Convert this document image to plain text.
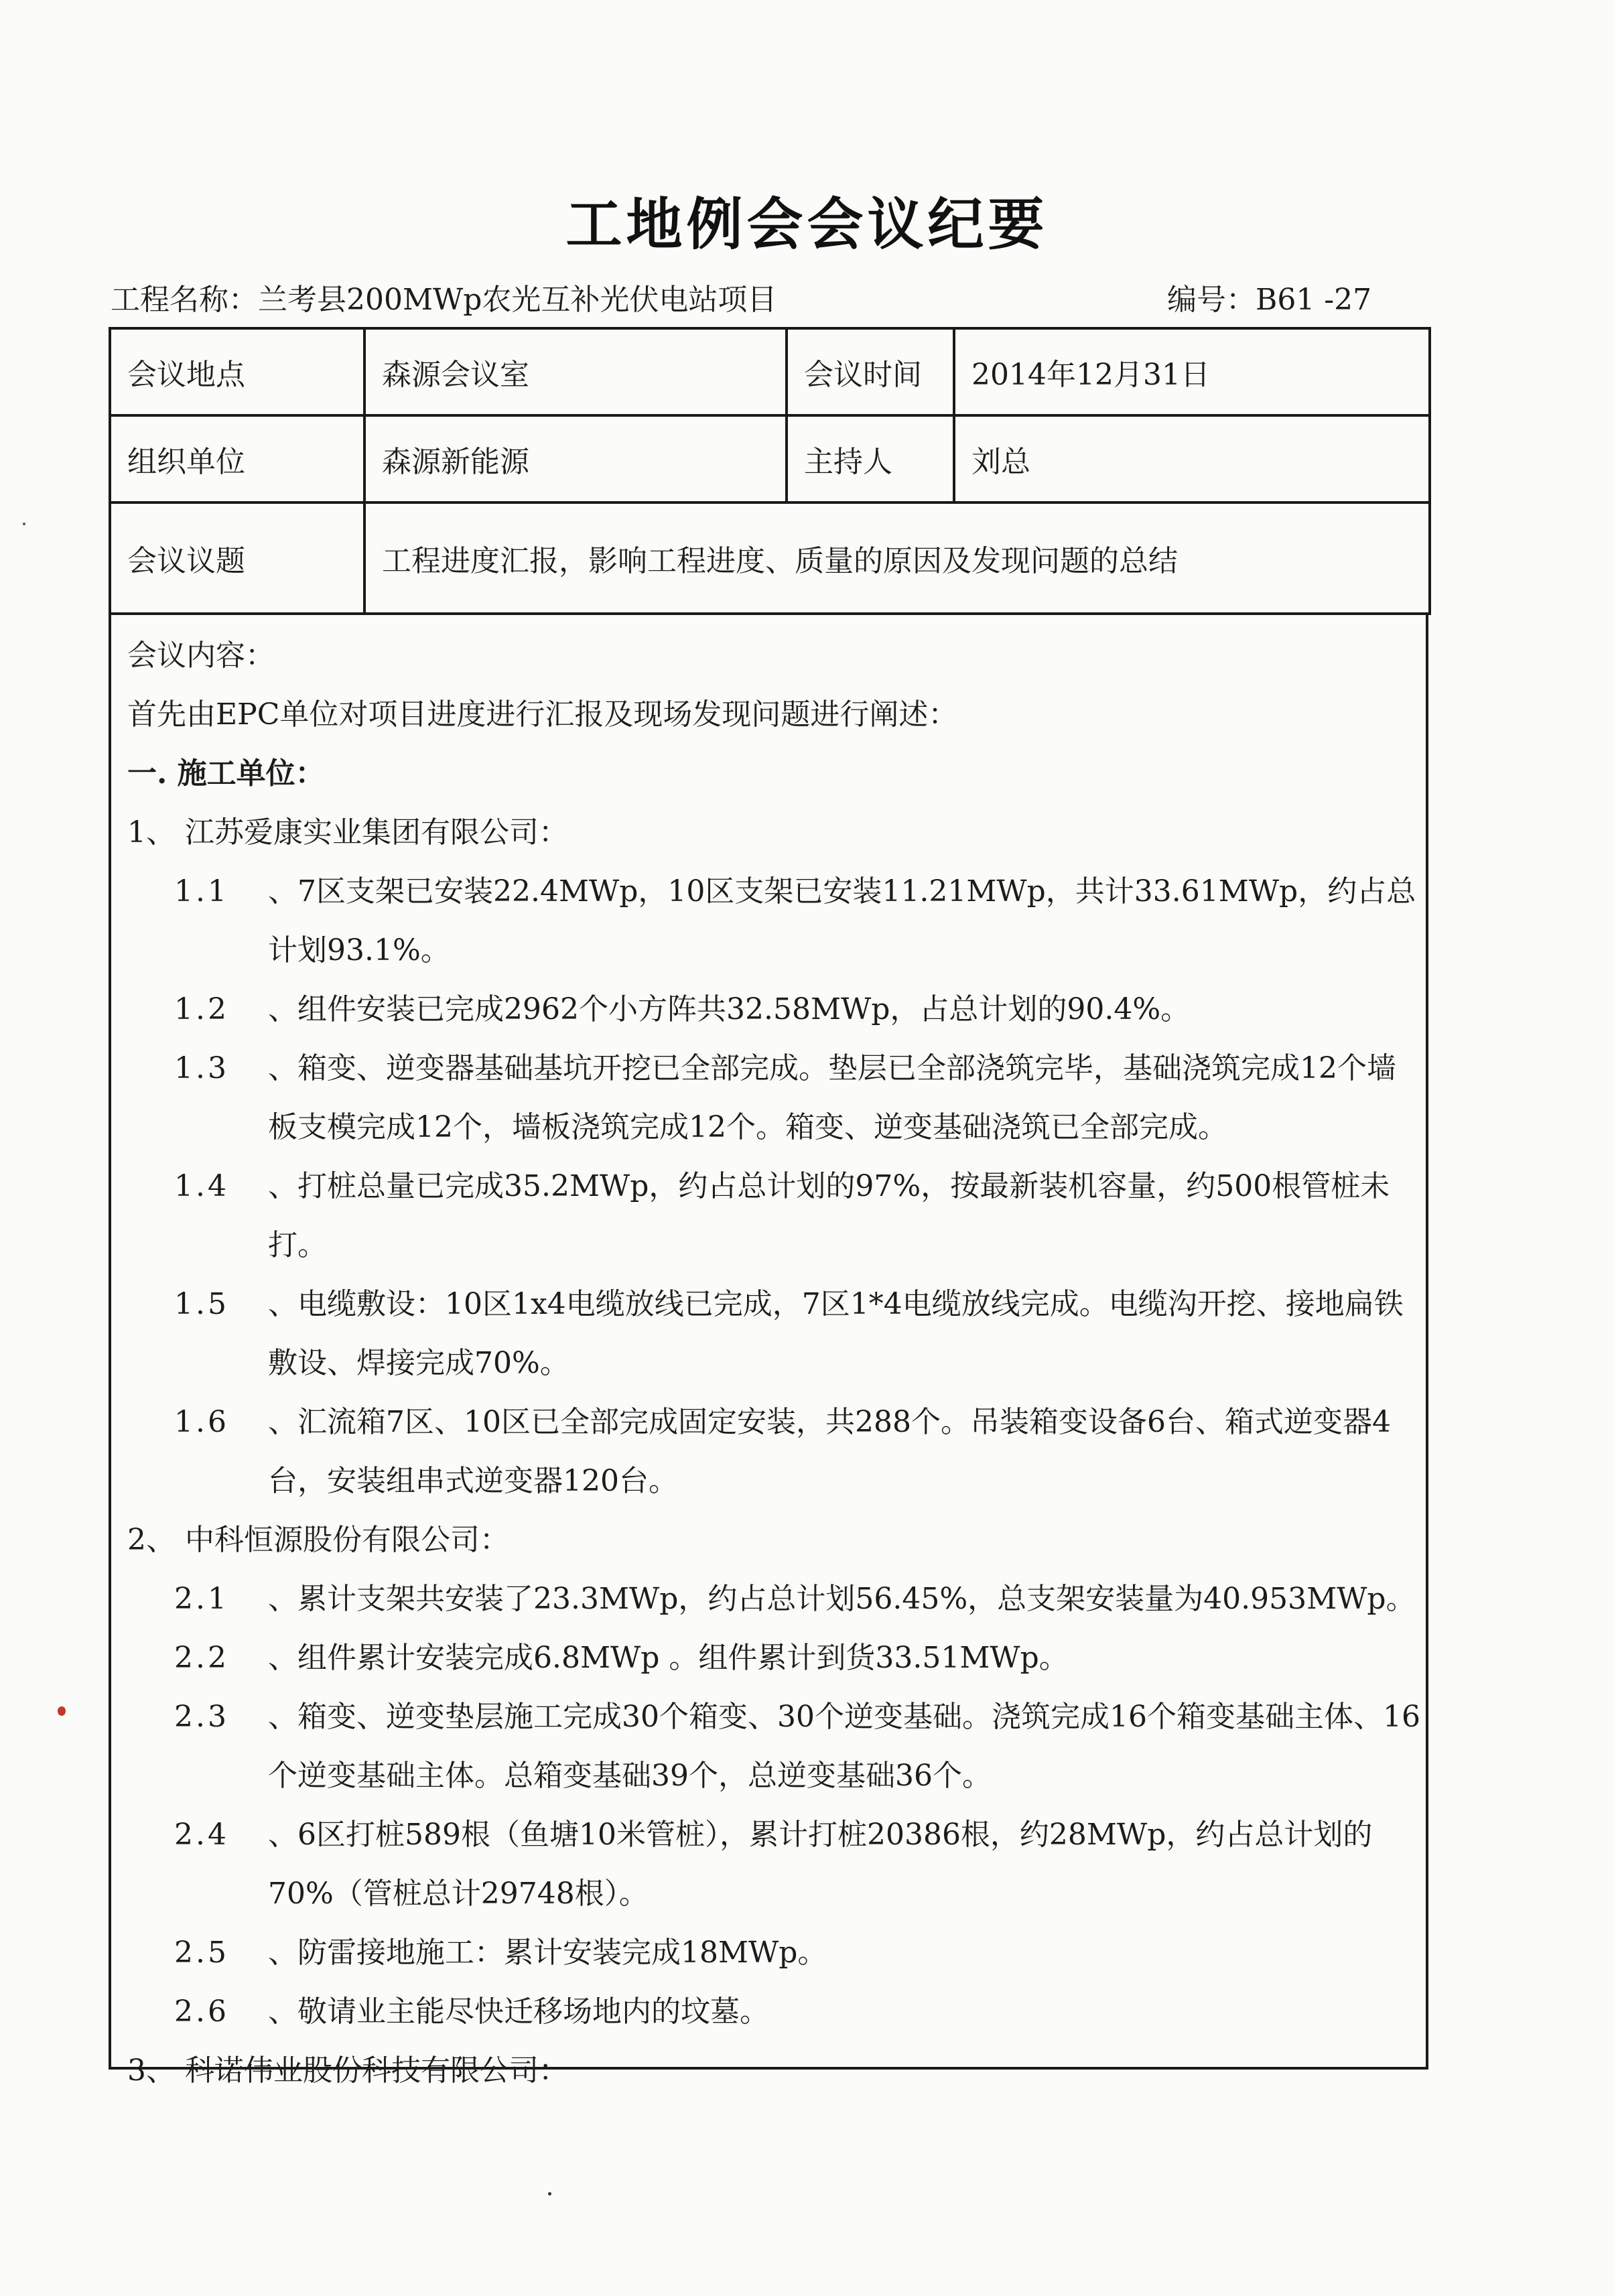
工地例会会议纪要
工程名称：兰考县200MWp农光互补光伏电站项目	编号：B61 -27
会议地点	森源会议室	会议时间	2014年12月31日
组织单位	森源新能源	主持人	刘总
会议议题	工程进度汇报，影响工程进度、质量的原因及发现问题的总结		
会议内容：
首先由EPC单位对项目进度进行汇报及现场发现问题进行阐述：
一. 施工单位：
1、 江苏爱康实业集团有限公司：
1.1	、7区支架已安装22.4MWp，10区支架已安装11.21MWp，共计33.61MWp，约占总计划93.1%。
1.2	、组件安装已完成2962个小方阵共32.58MWp，占总计划的90.4%。
1.3	、箱变、逆变器基础基坑开挖已全部完成。垫层已全部浇筑完毕，基础浇筑完成12个墙板支模完成12个，墙板浇筑完成12个。箱变、逆变基础浇筑已全部完成。
1.4	、打桩总量已完成35.2MWp，约占总计划的97%，按最新装机容量，约500根管桩未打。
1.5	、电缆敷设：10区1x4电缆放线已完成，7区1*4电缆放线完成。电缆沟开挖、接地扁铁敷设、焊接完成70%。
1.6	、汇流箱7区、10区已全部完成固定安装，共288个。吊装箱变设备6台、箱式逆变器4台，安装组串式逆变器120台。
2、 中科恒源股份有限公司：
2.1	、累计支架共安装了23.3MWp，约占总计划56.45%，总支架安装量为40.953MWp。
2.2	、组件累计安装完成6.8MWp 。组件累计到货33.51MWp。
2.3	、箱变、逆变垫层施工完成30个箱变、30个逆变基础。浇筑完成16个箱变基础主体、16个逆变基础主体。总箱变基础39个，总逆变基础36个。
2.4	、6区打桩589根（鱼塘10米管桩），累计打桩20386根，约28MWp，约占总计划的70%（管桩总计29748根）。
2.5	、防雷接地施工：累计安装完成18MWp。
2.6	、敬请业主能尽快迁移场地内的坟墓。
3、 科诺伟业股份科技有限公司：
